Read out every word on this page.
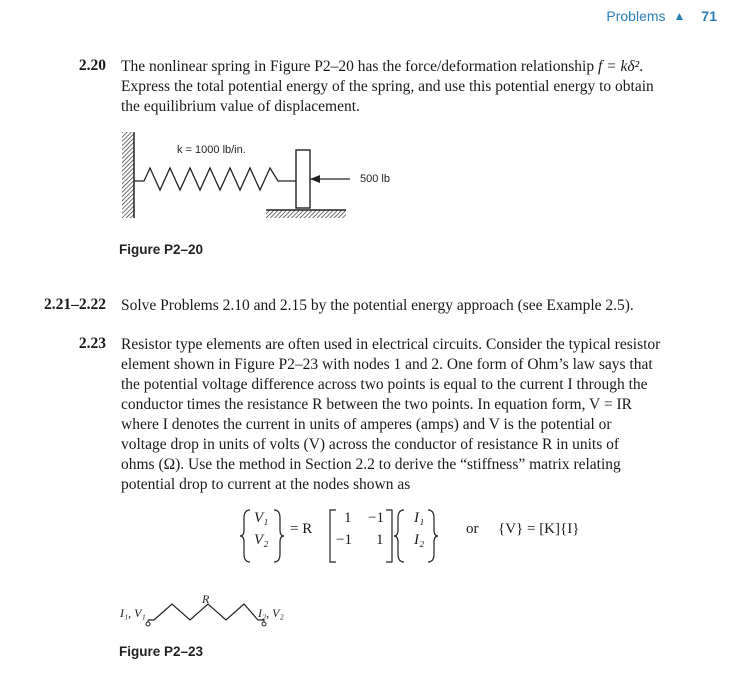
Problems ▲ 71
2.20 The nonlinear spring in Figure P2–20 has the force/deformation relationship f = kδ².
Express the total potential energy of the spring, and use this potential energy to obtain
the equilibrium value of displacement.
k = 1000 lb/in.
500 lb
Figure P2–20
2.21–2.22 Solve Problems 2.10 and 2.15 by the potential energy approach (see Example 2.5).
2.23 Resistor type elements are often used in electrical circuits. Consider the typical resistor
element shown in Figure P2–23 with nodes 1 and 2. One form of Ohm’s law says that
the potential voltage difference across two points is equal to the current I through the
conductor times the resistance R between the two points. In equation form, V = IR
where I denotes the current in units of amperes (amps) and V is the potential or
voltage drop in units of volts (V) across the conductor of resistance R in units of
ohms (Ω). Use the method in Section 2.2 to derive the “stiffness” matrix relating
potential drop to current at the nodes shown as
V₁
V₂
= R
1 −1
−1 1
I₁
I₂
or {V} = [K]{I}
R
I₁, V₁	I₂, V₂
Figure P2–23
